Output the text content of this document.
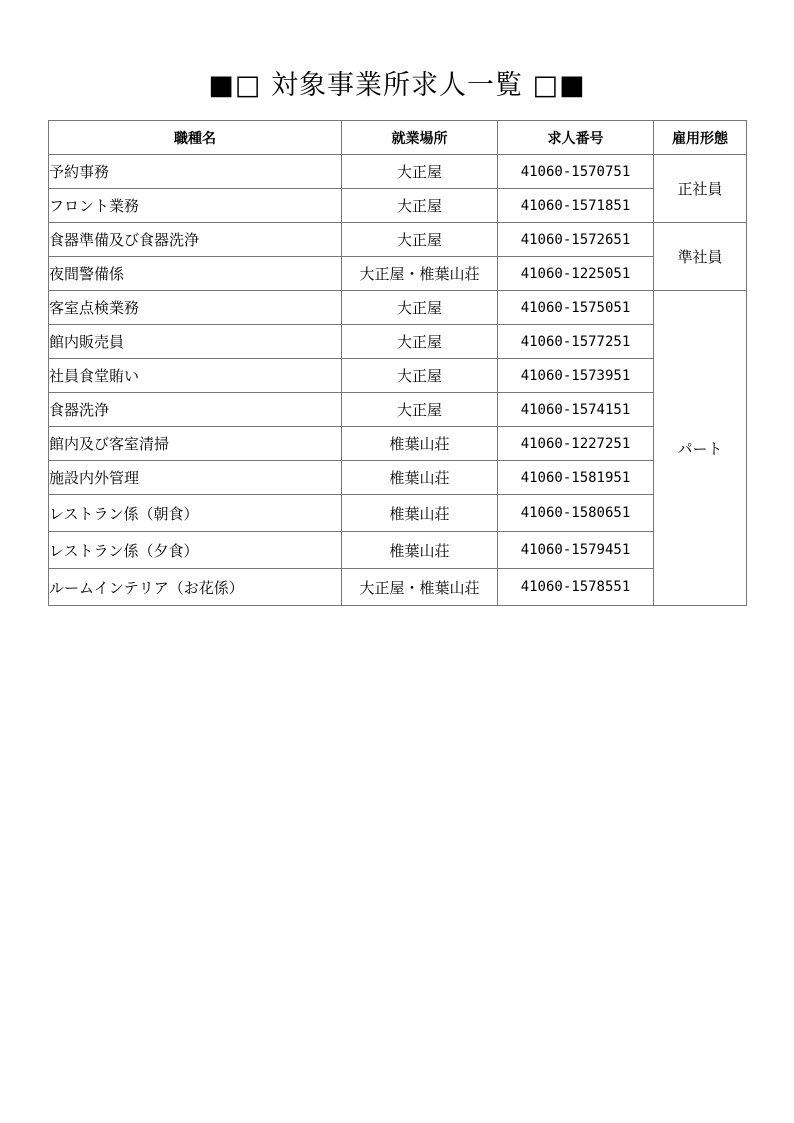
■□ 対象事業所求人一覧 □■
職種名	就業場所	求人番号	雇用形態
予約事務	大正屋	41060-1570751	正社員
フロント業務	大正屋	41060-1571851	
食器準備及び食器洗浄	大正屋	41060-1572651	準社員
夜間警備係	大正屋・椎葉山荘	41060-1225051	
客室点検業務	大正屋	41060-1575051	パート
館内販売員	大正屋	41060-1577251	
社員食堂賄い	大正屋	41060-1573951	
食器洗浄	大正屋	41060-1574151	
館内及び客室清掃	椎葉山荘	41060-1227251	
施設内外管理	椎葉山荘	41060-1581951	
レストラン係（朝食）	椎葉山荘	41060-1580651	
レストラン係（夕食）	椎葉山荘	41060-1579451	
ルームインテリア（お花係）	大正屋・椎葉山荘	41060-1578551	
